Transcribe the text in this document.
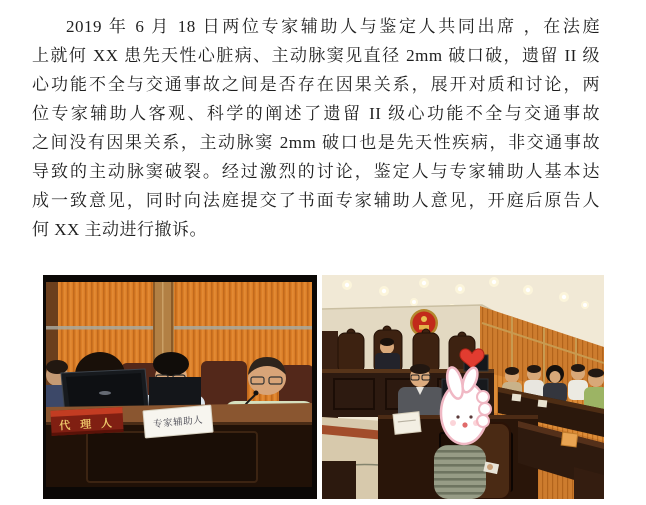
2019 年 6 月 18 日两位专家辅助人与鉴定人共同出席 ，在法庭
上就何 XX 患先天性心脏病、主动脉窦见直径 2mm 破口破，遗留 II 级
心功能不全与交通事故之间是否存在因果关系，展开对质和讨论，两
位专家辅助人客观、科学的阐述了遗留 II 级心功能不全与交通事故
之间没有因果关系，主动脉窦 2mm 破口也是先天性疾病，非交通事故
导致的主动脉窦破裂。经过激烈的讨论，鉴定人与专家辅助人基本达
成一致意见，同时向法庭提交了书面专家辅助人意见，开庭后原告人
何 XX 主动进行撤诉。
代 理 人	专家辅助人
